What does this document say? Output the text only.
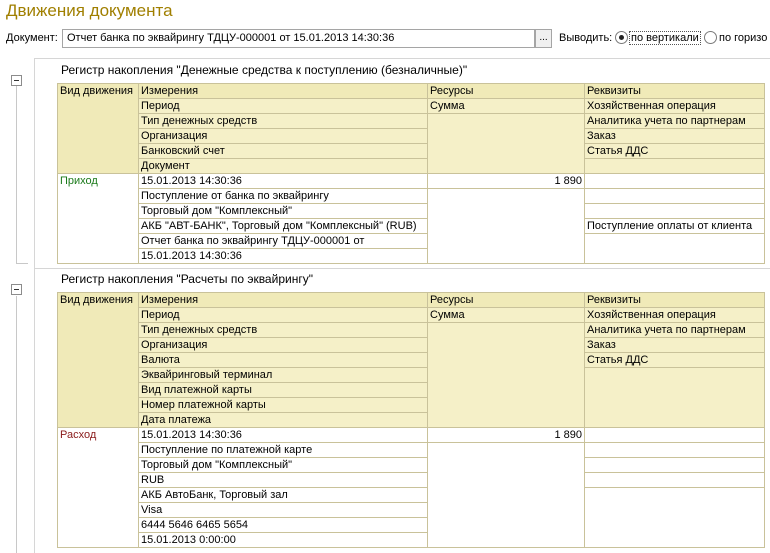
Движения документа
Документ: Отчет банка по эквайрингу ТДЦУ-000001 от 15.01.2013 14:30:36	...	Выводить: по вертикали по горизо
Регистр накопления "Денежные средства к поступлению (безналичные)"
Вид движения	Измерения	Ресурсы	Реквизиты
	Период	Сумма	Хозяйственная операция
	Тип денежных средств		Аналитика учета по партнерам
	Организация		Заказ
	Банковский счет		Статья ДДС
	Документ		
Приход	15.01.2013 14:30:36	1 890	
	Поступление от банка по эквайрингу		
	Торговый дом "Комплексный"		
	АКБ "АВТ-БАНК", Торговый дом "Комплексный" (RUB)		Поступление оплаты от клиента
	Отчет банка по эквайрингу ТДЦУ-000001 от		
	15.01.2013 14:30:36		
Регистр накопления "Расчеты по эквайрингу"
Вид движения	Измерения	Ресурсы	Реквизиты
	Период	Сумма	Хозяйственная операция
	Тип денежных средств		Аналитика учета по партнерам
	Организация		Заказ
	Валюта		Статья ДДС
	Эквайринговый терминал		
	Вид платежной карты		
	Номер платежной карты		
	Дата платежа		
Расход	15.01.2013 14:30:36	1 890	
	Поступление по платежной карте		
	Торговый дом "Комплексный"		
	RUB		
	АКБ АвтоБанк, Торговый зал		
	Visa		
	6444 5646 6465 5654		
	15.01.2013 0:00:00		
